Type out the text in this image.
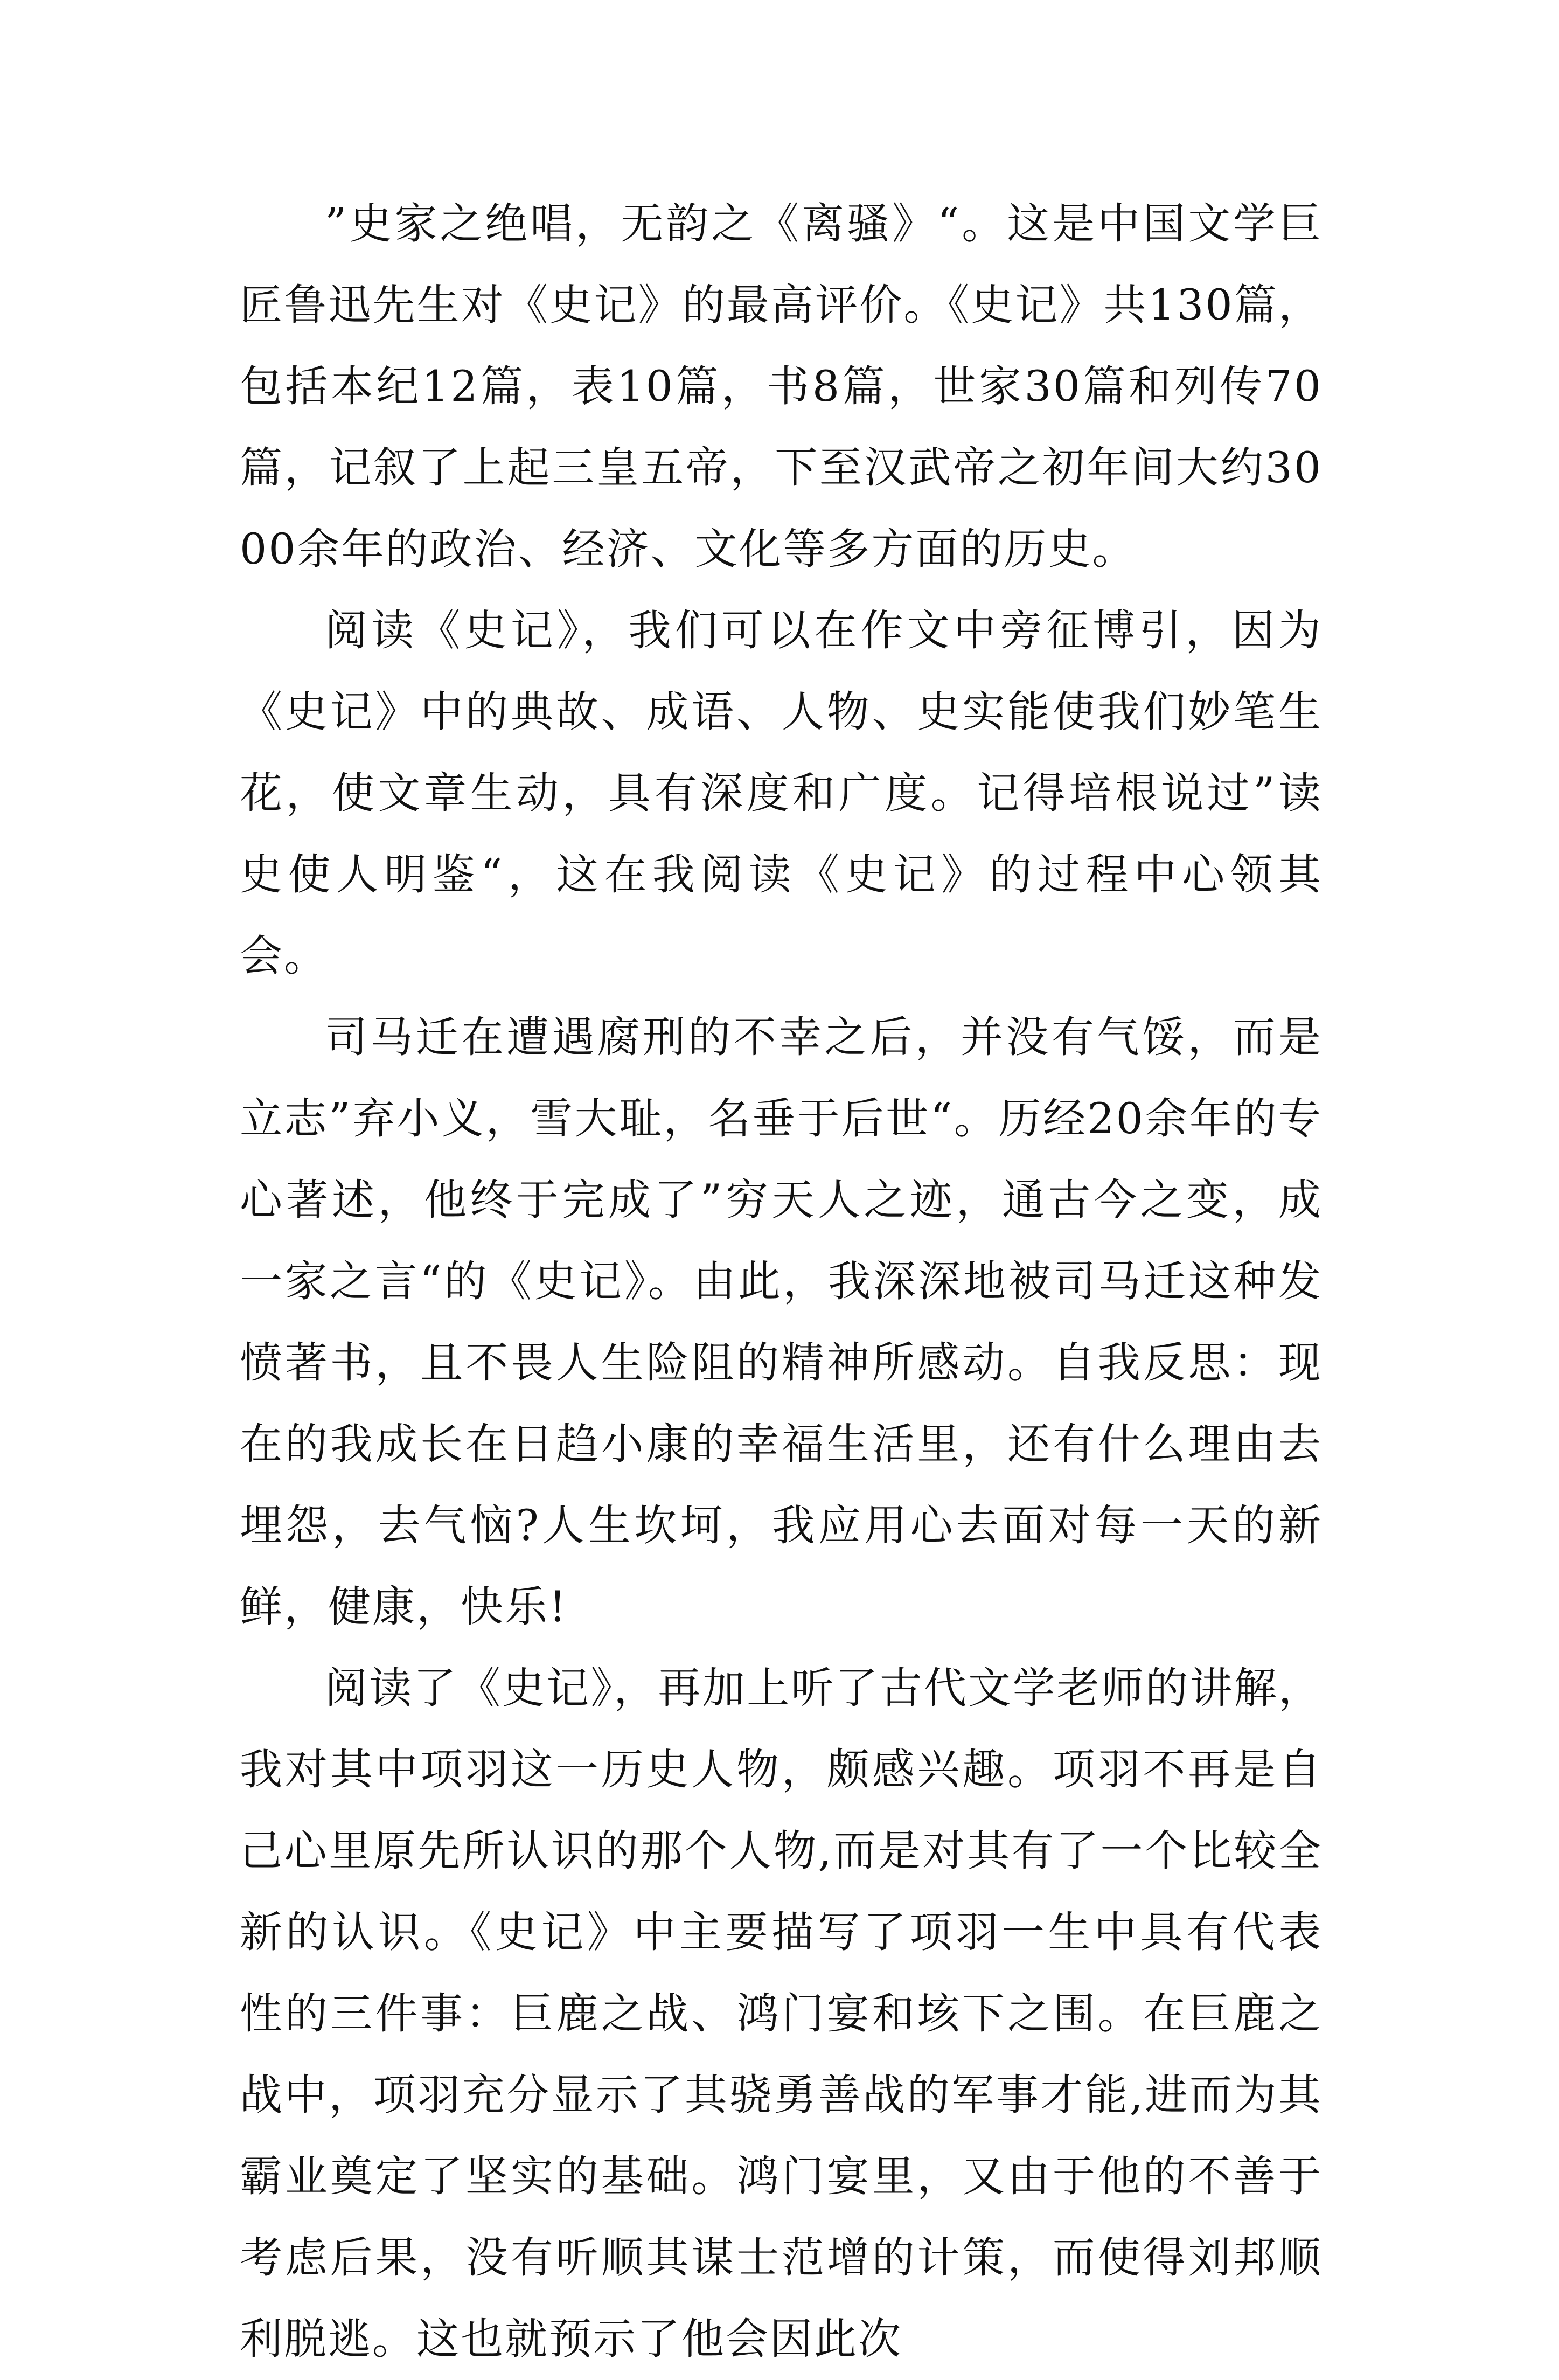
”史家之绝唱，无韵之《离骚》“。这是中国文学巨匠鲁迅先生对《史记》的最高评价。《史记》共130篇，包括本纪12篇，表10篇，书8篇，世家30篇和列传70篇，记叙了上起三皇五帝，下至汉武帝之初年间大约3000余年的政治、经济、文化等多方面的历史。

阅读《史记》，我们可以在作文中旁征博引，因为《史记》中的典故、成语、人物、史实能使我们妙笔生花，使文章生动，具有深度和广度。记得培根说过”读史使人明鉴“，这在我阅读《史记》的过程中心领其会。

司马迁在遭遇腐刑的不幸之后，并没有气馁，而是立志”弃小义，雪大耻，名垂于后世“。历经20余年的专心著述，他终于完成了”穷天人之迹，通古今之变，成一家之言“的《史记》。由此，我深深地被司马迁这种发愤著书，且不畏人生险阻的精神所感动。自我反思：现在的我成长在日趋小康的幸福生活里，还有什么理由去埋怨，去气恼?人生坎坷，我应用心去面对每一天的新鲜，健康，快乐!

阅读了《史记》，再加上听了古代文学老师的讲解，我对其中项羽这一历史人物，颇感兴趣。项羽不再是自己心里原先所认识的那个人物,而是对其有了一个比较全新的认识。《史记》中主要描写了项羽一生中具有代表性的三件事：巨鹿之战、鸿门宴和垓下之围。在巨鹿之战中，项羽充分显示了其骁勇善战的军事才能,进而为其霸业奠定了坚实的基础。鸿门宴里，又由于他的不善于考虑后果，没有听顺其谋士范增的计策，而使得刘邦顺利脱逃。这也就预示了他会因此次
